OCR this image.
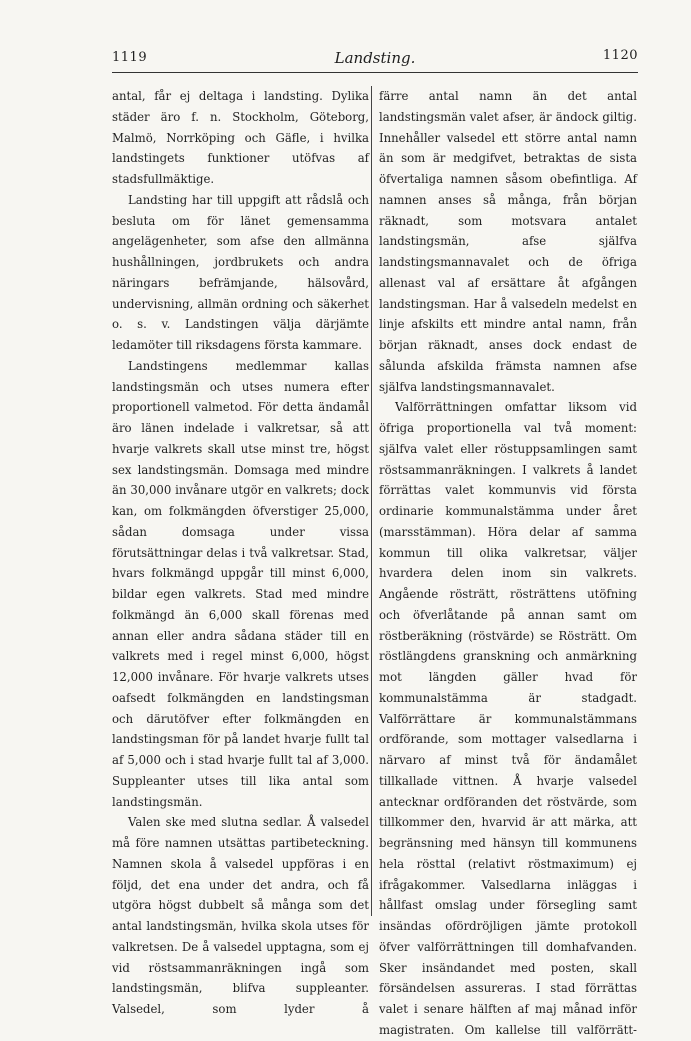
1119	Landsting.	1120

antal, får ej deltaga i landsting. Dylika städer äro f. n. Stockholm, Göteborg, Malmö, Norrköping och Gäfle, i hvilka landstingets funktioner utöfvas af stadsfullmäktige.

Landsting har till uppgift att rådslå och besluta om för länet gemensamma angelägenheter, som afse den allmänna hushållningen, jordbrukets och andra näringars befrämjande, hälsovård, undervisning, allmän ordning och säkerhet o. s. v. Landstingen välja därjämte ledamöter till riksdagens första kammare.

Landstingens medlemmar kallas landstingsmän och utses numera efter proportionell valmetod. För detta ändamål äro länen indelade i valkretsar, så att hvarje valkrets skall utse minst tre, högst sex landstingsmän. Domsaga med mindre än 30,000 invånare utgör en valkrets; dock kan, om folkmängden öfverstiger 25,000, sådan domsaga under vissa förutsättningar delas i två valkretsar. Stad, hvars folkmängd uppgår till minst 6,000, bildar egen valkrets. Stad med mindre folkmängd än 6,000 skall förenas med annan eller andra sådana städer till en valkrets med i regel minst 6,000, högst 12,000 invånare. För hvarje valkrets utses oafsedt folkmängden en landstingsman och därutöfver efter folkmängden en landstingsman för på landet hvarje fullt tal af 5,000 och i stad hvarje fullt tal af 3,000. Suppleanter utses till lika antal som landstingsmän.

Valen ske med slutna sedlar. Å valsedel må före namnen utsättas partibeteckning. Namnen skola å valsedel uppföras i en följd, det ena under det andra, och få utgöra högst dubbelt så många som det antal landstingsmän, hvilka skola utses för valkretsen. De å valsedel upptagna, som ej vid röstsammanräkningen ingå som landstingsmän, blifva suppleanter. Valsedel, som lyder å

färre antal namn än det antal landstingsmän valet afser, är ändock giltig. Innehåller valsedel ett större antal namn än som är medgifvet, betraktas de sista öfvertaliga namnen såsom obefintliga. Af namnen anses så många, från början räknadt, som motsvara antalet landstingsmän, afse själfva landstingsmannavalet och de öfriga allenast val af ersättare åt afgången landstingsman. Har å valsedeln medelst en linje afskilts ett mindre antal namn, från början räknadt, anses dock endast de sålunda afskilda främsta namnen afse själfva landstingsmannavalet.

Valförrättningen omfattar liksom vid öfriga proportionella val två moment: själfva valet eller röstuppsamlingen samt röstsammanräkningen. I valkrets å landet förrättas valet kommunvis vid första ordinarie kommunalstämma under året (marsstämman). Höra delar af samma kommun till olika valkretsar, väljer hvardera delen inom sin valkrets. Angående rösträtt, rösträttens utöfning och öfverlåtande på annan samt om röstberäkning (röstvärde) se Rösträtt. Om röstlängdens granskning och anmärkning mot längden gäller hvad för kommunalstämma är stadgadt. Valförrättare är kommunalstämmans ordförande, som mottager valsedlarna i närvaro af minst två för ändamålet tillkallade vittnen. Å hvarje valsedel antecknar ordföranden det röstvärde, som tillkommer den, hvarvid är att märka, att begränsning med hänsyn till kommunens hela rösttal (relativt röstmaximum) ej ifrågakommer. Valsedlarna inläggas i hållfast omslag under försegling samt insändas ofördröjligen jämte protokoll öfver valförrättningen till domhafvanden. Sker insändandet med posten, skall försändelsen assureras. I stad förrättas valet i senare hälften af maj månad inför magistraten. Om kallelse till valförrätt-
